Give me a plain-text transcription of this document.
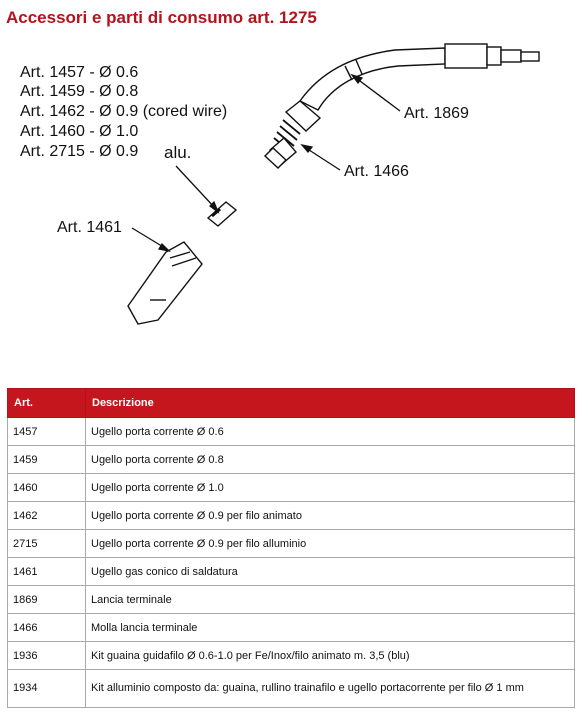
Accessori e parti di consumo art. 1275
Art. 1457 - Ø 0.6
Art. 1459 - Ø 0.8
Art. 1462 - Ø 0.9 (cored wire)
Art. 1460 - Ø 1.0
Art. 2715 - Ø 0.9 alu.
Art. 1869
Art. 1466
Art. 1461
Art.	Descrizione
1457	Ugello porta corrente Ø 0.6
1459	Ugello porta corrente Ø 0.8
1460	Ugello porta corrente Ø 1.0
1462	Ugello porta corrente Ø 0.9 per filo animato
2715	Ugello porta corrente Ø 0.9 per filo alluminio
1461	Ugello gas conico di saldatura
1869	Lancia terminale
1466	Molla lancia terminale
1936	Kit guaina guidafilo Ø 0.6-1.0 per Fe/Inox/filo animato m. 3,5 (blu)
1934	Kit alluminio composto da: guaina, rullino trainafilo e ugello portacorrente per filo Ø 1 mm
